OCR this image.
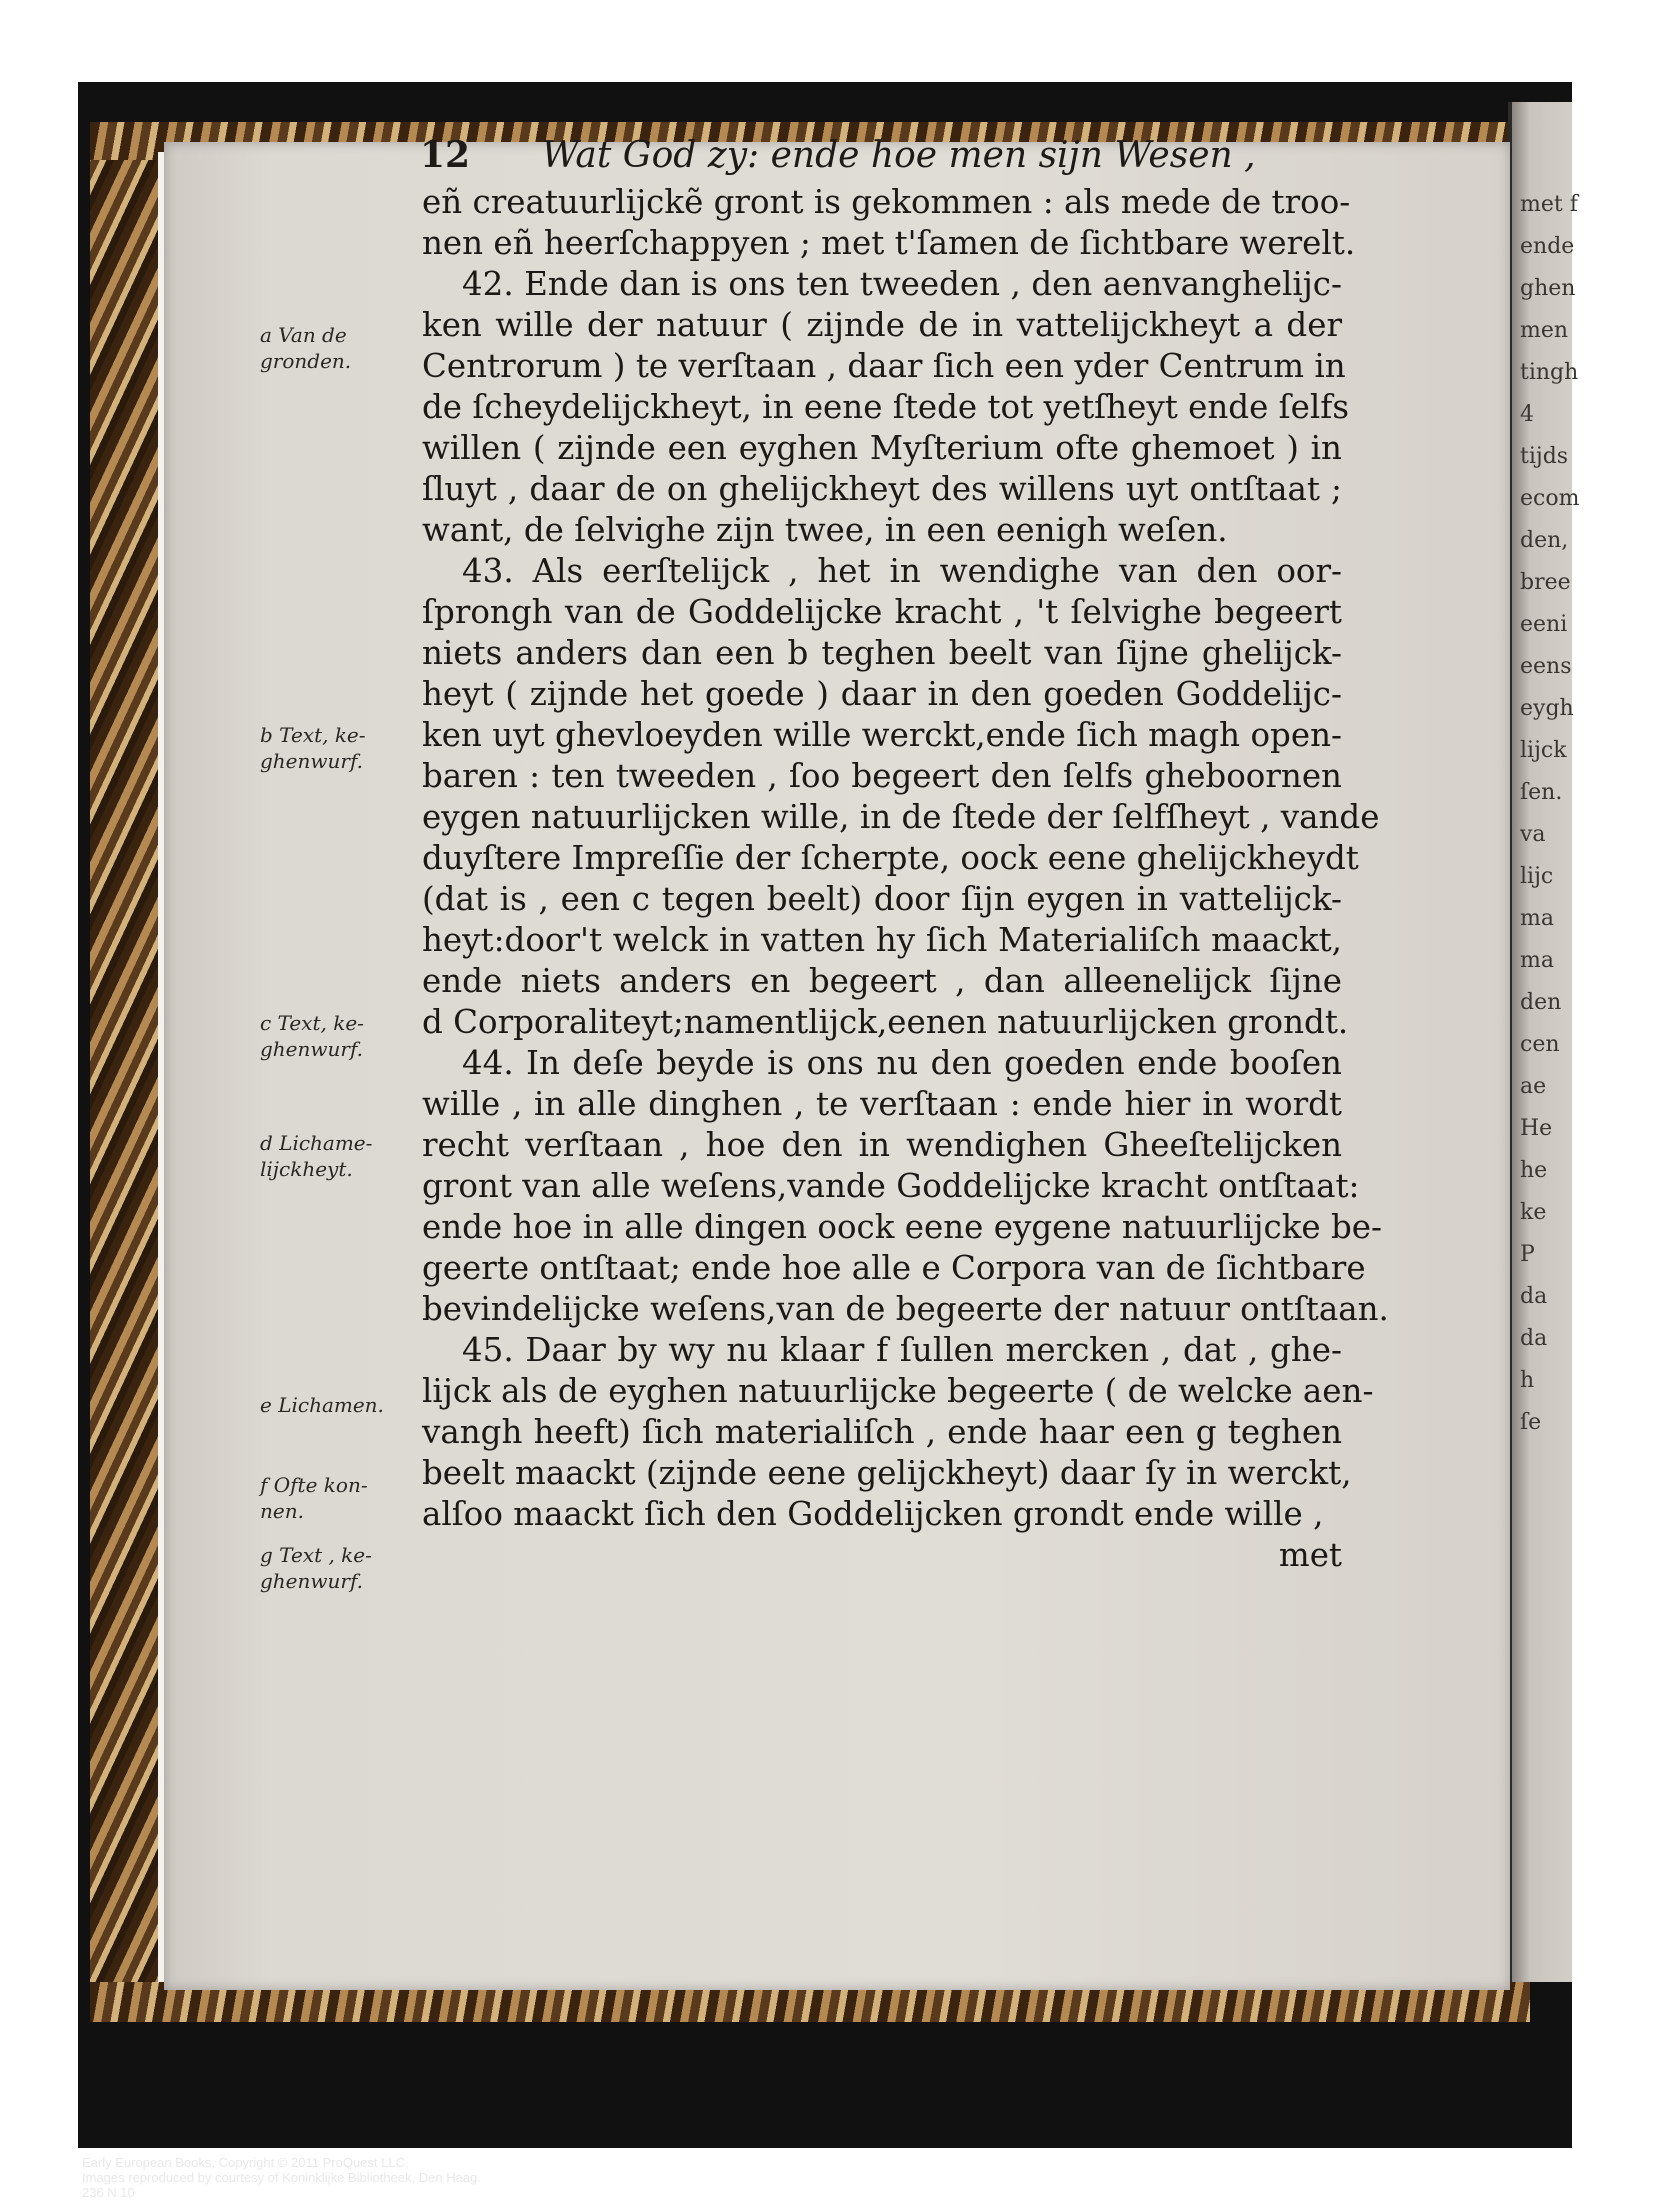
met f
ende
ghen
men
tingh
4
tijds
ecom
den,
bree
eeni
eens
eygh
lijck
ſen.
va
lijc
ma
ma
den
cen
ae
He
he
ke
P
da
da
h
ſe
12 Wat God zy: ende hoe men sijn Wesen ,
eñ creatuurlijckẽ gront is gekommen : als mede de troo-
nen eñ heerſchappyen ; met t'ſamen de ſichtbare werelt.
42. Ende dan is ons ten tweeden , den aenvanghelijc-
ken wille der natuur ( zijnde de in vattelijckheyt a der
Centrorum ) te verſtaan , daar ſich een yder Centrum in
de ſcheydelijckheyt, in eene ſtede tot yetſheyt ende ſelfs
willen ( zijnde een eyghen Myſterium ofte ghemoet ) in
ſluyt , daar de on ghelijckheyt des willens uyt ontſtaat ;
want, de ſelvighe zijn twee, in een eenigh weſen.
43. Als eerſtelijck , het in wendighe van den oor-
ſprongh van de Goddelijcke kracht , 't ſelvighe begeert
niets anders dan een b teghen beelt van ſijne ghelijck-
heyt ( zijnde het goede ) daar in den goeden Goddelijc-
ken uyt ghevloeyden wille werckt,ende ſich magh open-
baren : ten tweeden , ſoo begeert den ſelfs gheboornen
eygen natuurlijcken wille, in de ſtede der ſelfſheyt , vande
duyſtere Impreſſie der ſcherpte, oock eene ghelijckheydt
(dat is , een c tegen beelt) door ſijn eygen in vattelijck-
heyt:door't welck in vatten hy ſich Materialiſch maackt,
ende niets anders en begeert , dan alleenelijck ſijne
d Corporaliteyt;namentlijck,eenen natuurlijcken grondt.
44. In deſe beyde is ons nu den goeden ende booſen
wille , in alle dinghen , te verſtaan : ende hier in wordt
recht verſtaan , hoe den in wendighen Gheeſtelijcken
gront van alle weſens,vande Goddelijcke kracht ontſtaat:
ende hoe in alle dingen oock eene eygene natuurlijcke be-
geerte ontſtaat; ende hoe alle e Corpora van de ſichtbare
bevindelijcke weſens,van de begeerte der natuur ontſtaan.
45. Daar by wy nu klaar f ſullen mercken , dat , ghe-
lijck als de eyghen natuurlijcke begeerte ( de welcke aen-
vangh heeft) ſich materialiſch , ende haar een g teghen
beelt maackt (zijnde eene gelijckheyt) daar ſy in werckt,
alſoo maackt ſich den Goddelijcken grondt ende wille ,
met
a Van de gronden.
b Text, ke-ghenwurf.
c Text, ke-ghenwurf.
d Lichame-lijckheyt.
e Lichamen.
f Ofte kon-nen.
g Text , ke-ghenwurf.
Early European Books, Copyright © 2011 ProQuest LLC.
Images reproduced by courtesy of Koninklijke Bibliotheek, Den Haag.
236 N 10
